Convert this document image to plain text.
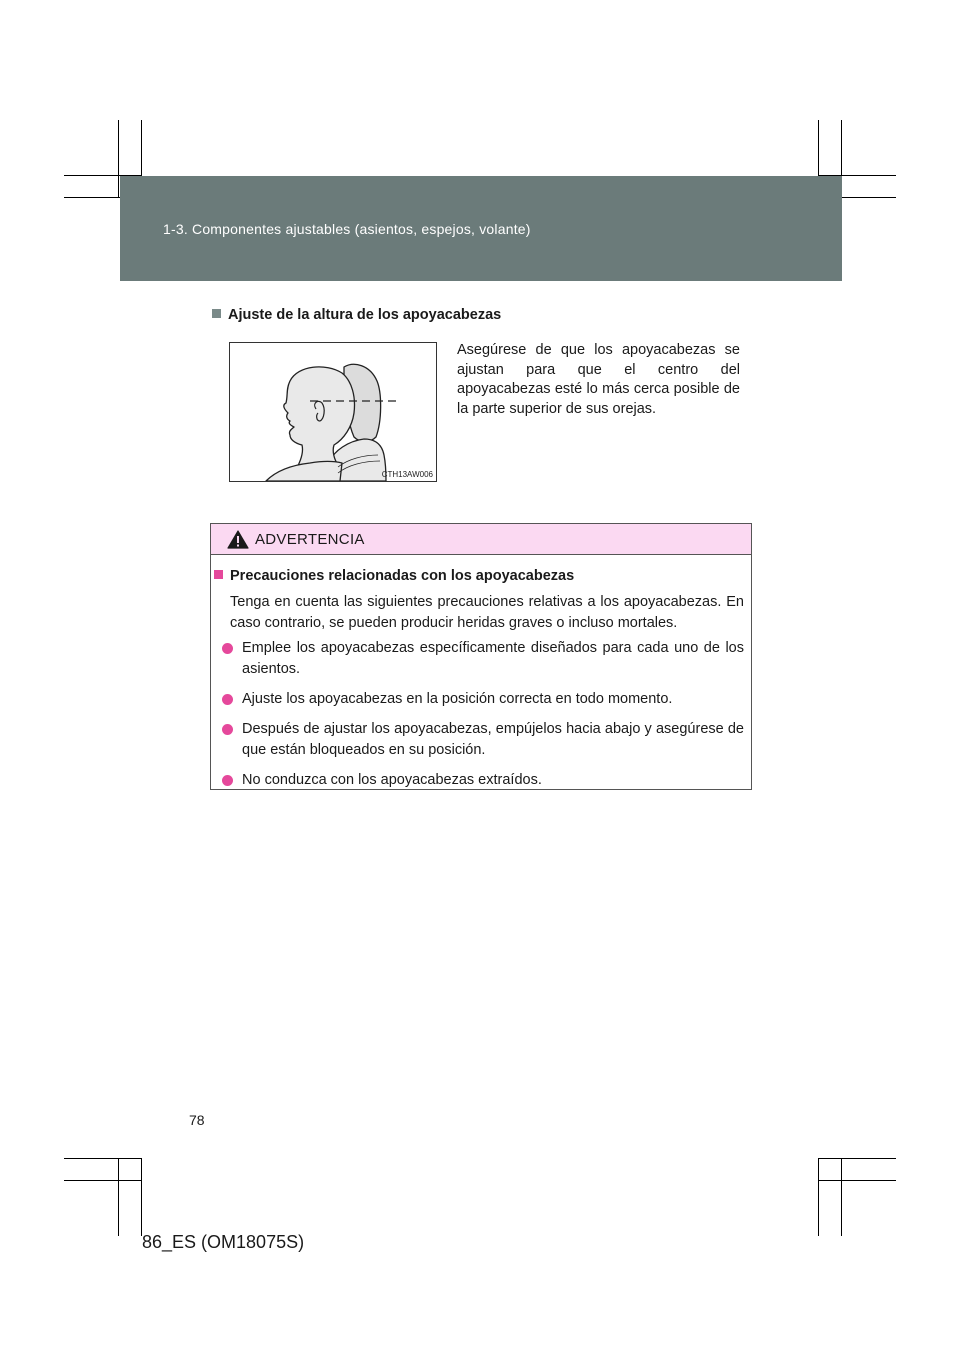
1-3. Componentes ajustables (asientos, espejos, volante)
Ajuste de la altura de los apoyacabezas
CTH13AW006
Asegúrese de que los apoyacabezas se ajustan para que el centro del apoyacabezas esté lo más cerca posible de la parte superior de sus orejas.
ADVERTENCIA
Precauciones relacionadas con los apoyacabezas
Tenga en cuenta las siguientes precauciones relativas a los apoyacabezas. En caso contrario, se pueden producir heridas graves o incluso mortales.
Emplee los apoyacabezas específicamente diseñados para cada uno de los asientos.
Ajuste los apoyacabezas en la posición correcta en todo momento.
Después de ajustar los apoyacabezas, empújelos hacia abajo y asegúrese de que están bloqueados en su posición.
No conduzca con los apoyacabezas extraídos.
78
86_ES (OM18075S)
